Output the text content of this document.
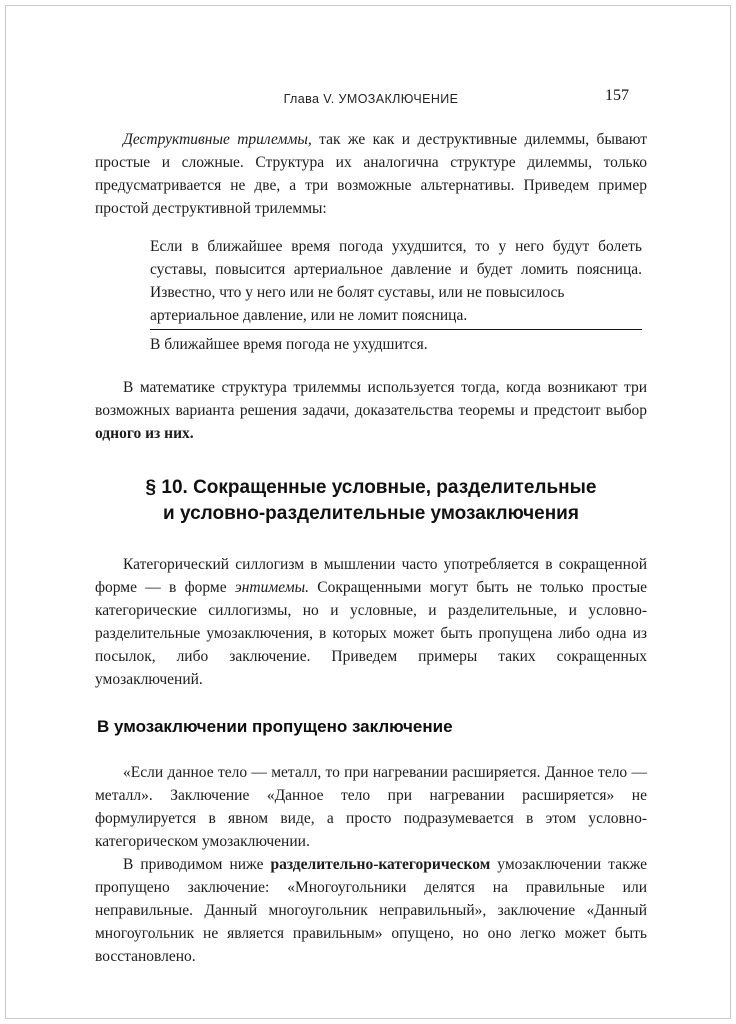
Глава V. УМОЗАКЛЮЧЕНИЕ	157

Деструктивные трилеммы, так же как и деструктивные дилеммы, бывают простые и сложные. Структура их аналогична структуре дилеммы, только предусматривается не две, а три возможные альтернативы. Приведем пример простой деструктивной трилеммы:

Если в ближайшее время погода ухудшится, то у него будут болеть суставы, повысится артериальное давление и будет ломить поясница. Известно, что у него или не болят суставы, или не повысилось

артериальное давление, или не ломит поясница.

В ближайшее время погода не ухудшится.

В математике структура трилеммы используется тогда, когда возникают три возможных варианта решения задачи, доказательства теоремы и предстоит выбор одного из них.

§ 10. Сокращенные условные, разделительные
и условно-разделительные умозаключения

Категорический силлогизм в мышлении часто употребляется в сокращенной форме — в форме энтимемы. Сокращенными могут быть не только простые категорические силлогизмы, но и условные, и разделительные, и условно-разделительные умозаключения, в которых может быть пропущена либо одна из посылок, либо заключение. Приведем примеры таких сокращенных умозаключений.

В умозаключении пропущено заключение

«Если данное тело — металл, то при нагревании расширяется. Данное тело — металл». Заключение «Данное тело при нагревании расширяется» не формулируется в явном виде, а просто подразумевается в этом условно-категорическом умозаключении.

В приводимом ниже разделительно-категорическом умозаключении также пропущено заключение: «Многоугольники делятся на правильные или неправильные. Данный многоугольник неправильный», заключение «Данный многоугольник не является правильным» опущено, но оно легко может быть восстановлено.
